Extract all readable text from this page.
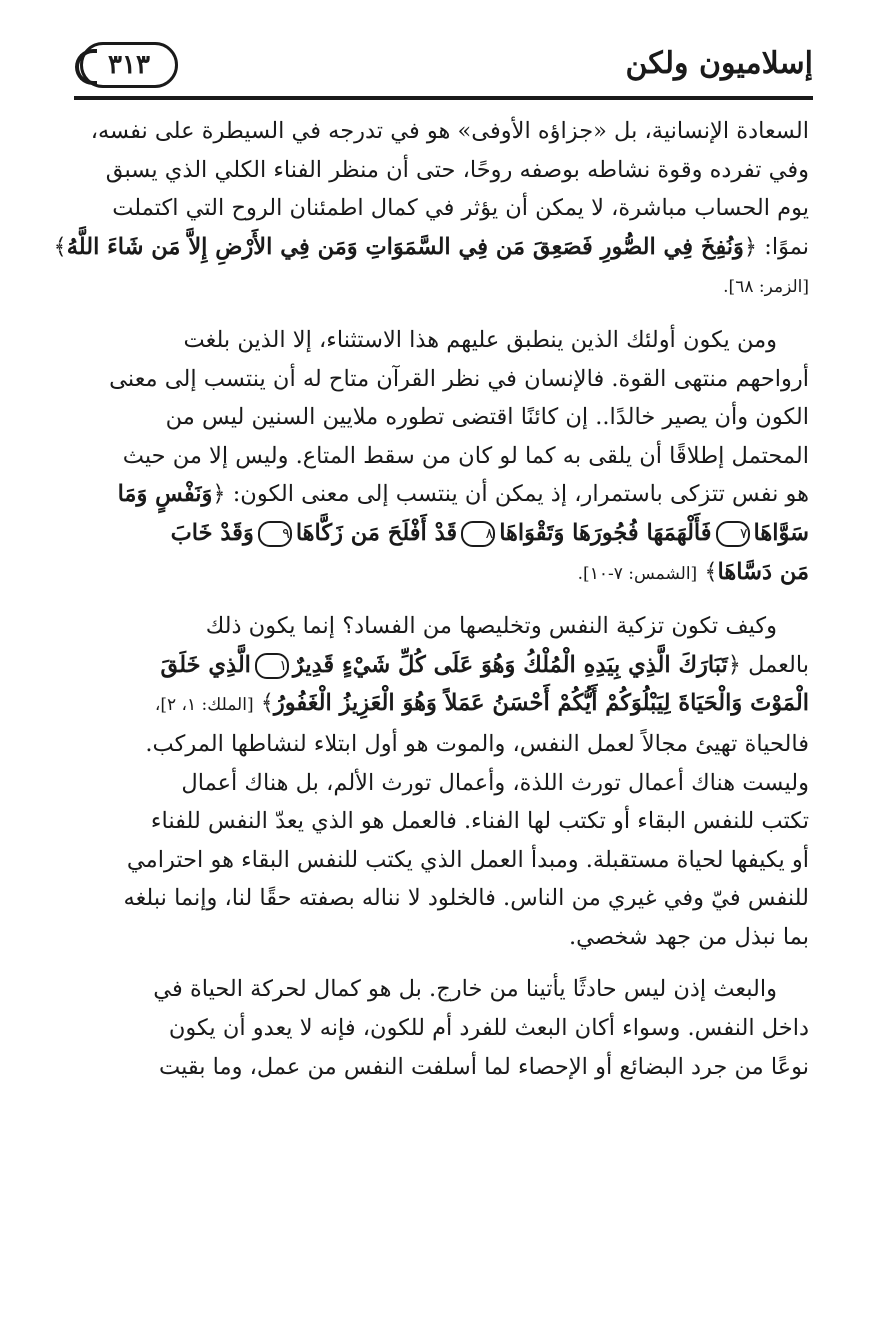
إسلاميون ولكن
٣١٣
السعادة الإنسانية، بل «جزاؤه الأوفى» هو في تدرجه في السيطرة على نفسه،
وفي تفرده وقوة نشاطه بوصفه روحًا، حتى أن منظر الفناء الكلي الذي يسبق
يوم الحساب مباشرة، لا يمكن أن يؤثر في كمال اطمئنان الروح التي اكتملت
نموًا: ﴿وَنُفِخَ فِي الصُّورِ فَصَعِقَ مَن فِي السَّمَوَاتِ وَمَن فِي الأَرْضِ إِلاَّ مَن شَاءَ اللَّهُ﴾
[الزمر: ٦٨].
ومن يكون أولئك الذين ينطبق عليهم هذا الاستثناء، إلا الذين بلغت
أرواحهم منتهى القوة. فالإنسان في نظر القرآن متاح له أن ينتسب إلى معنى
الكون وأن يصير خالدًا.. إن كائنًا اقتضى تطوره ملايين السنين ليس من
المحتمل إطلاقًا أن يلقى به كما لو كان من سقط المتاع. وليس إلا من حيث
هو نفس تتزكى باستمرار، إذ يمكن أن ينتسب إلى معنى الكون: ﴿وَنَفْسٍ وَمَا
سَوَّاهَا٧فَأَلْهَمَهَا فُجُورَهَا وَتَقْوَاهَا٨قَدْ أَفْلَحَ مَن زَكَّاهَا٩وَقَدْ خَابَ
مَن دَسَّاهَا﴾ [الشمس: ٧-١٠].
وكيف تكون تزكية النفس وتخليصها من الفساد؟ إنما يكون ذلك
بالعمل ﴿تَبَارَكَ الَّذِي بِيَدِهِ الْمُلْكُ وَهُوَ عَلَى كُلِّ شَيْءٍ قَدِيرٌ١الَّذِي خَلَقَ
الْمَوْتَ وَالْحَيَاةَ لِيَبْلُوَكُمْ أَيُّكُمْ أَحْسَنُ عَمَلاً وَهُوَ الْعَزِيزُ الْغَفُورُ﴾ [الملك: ١، ٢]،
فالحياة تهيئ مجالاً لعمل النفس، والموت هو أول ابتلاء لنشاطها المركب.
وليست هناك أعمال تورث اللذة، وأعمال تورث الألم، بل هناك أعمال
تكتب للنفس البقاء أو تكتب لها الفناء. فالعمل هو الذي يعدّ النفس للفناء
أو يكيفها لحياة مستقبلة. ومبدأ العمل الذي يكتب للنفس البقاء هو احترامي
للنفس فيّ وفي غيري من الناس. فالخلود لا نناله بصفته حقًا لنا، وإنما نبلغه
بما نبذل من جهد شخصي.
والبعث إذن ليس حادثًا يأتينا من خارج. بل هو كمال لحركة الحياة في
داخل النفس. وسواء أكان البعث للفرد أم للكون، فإنه لا يعدو أن يكون
نوعًا من جرد البضائع أو الإحصاء لما أسلفت النفس من عمل، وما بقيت
